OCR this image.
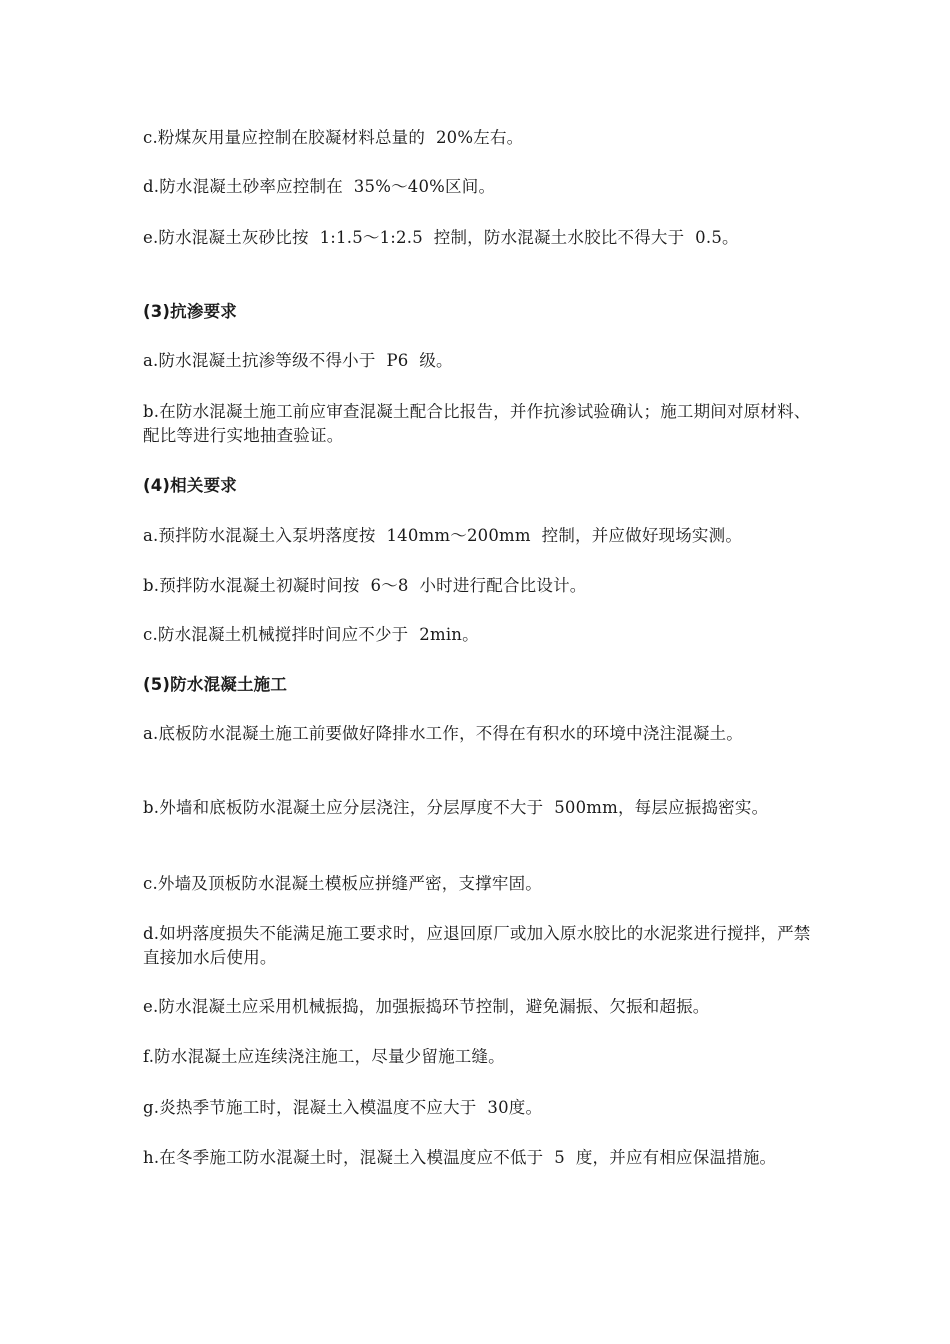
c.粉煤灰用量应控制在胶凝材料总量的  20%左右。
d.防水混凝土砂率应控制在  35%～40%区间。
e.防水混凝土灰砂比按  1:1.5～1:2.5  控制，防水混凝土水胶比不得大于  0.5。
(3)抗渗要求
a.防水混凝土抗渗等级不得小于  P6  级。
b.在防水混凝土施工前应审查混凝土配合比报告，并作抗渗试验确认；施工期间对原材料、配比等进行实地抽查验证。
(4)相关要求
a.预拌防水混凝土入泵坍落度按  140mm～200mm  控制，并应做好现场实测。
b.预拌防水混凝土初凝时间按  6～8  小时进行配合比设计。
c.防水混凝土机械搅拌时间应不少于  2min。
(5)防水混凝土施工
a.底板防水混凝土施工前要做好降排水工作，不得在有积水的环境中浇注混凝土。
b.外墙和底板防水混凝土应分层浇注，分层厚度不大于  500mm，每层应振捣密实。
c.外墙及顶板防水混凝土模板应拼缝严密，支撑牢固。
d.如坍落度损失不能满足施工要求时，应退回原厂或加入原水胶比的水泥浆进行搅拌，严禁直接加水后使用。
e.防水混凝土应采用机械振捣，加强振捣环节控制，避免漏振、欠振和超振。
f.防水混凝土应连续浇注施工，尽量少留施工缝。
g.炎热季节施工时，混凝土入模温度不应大于  30度。
h.在冬季施工防水混凝土时，混凝土入模温度应不低于  5  度，并应有相应保温措施。
